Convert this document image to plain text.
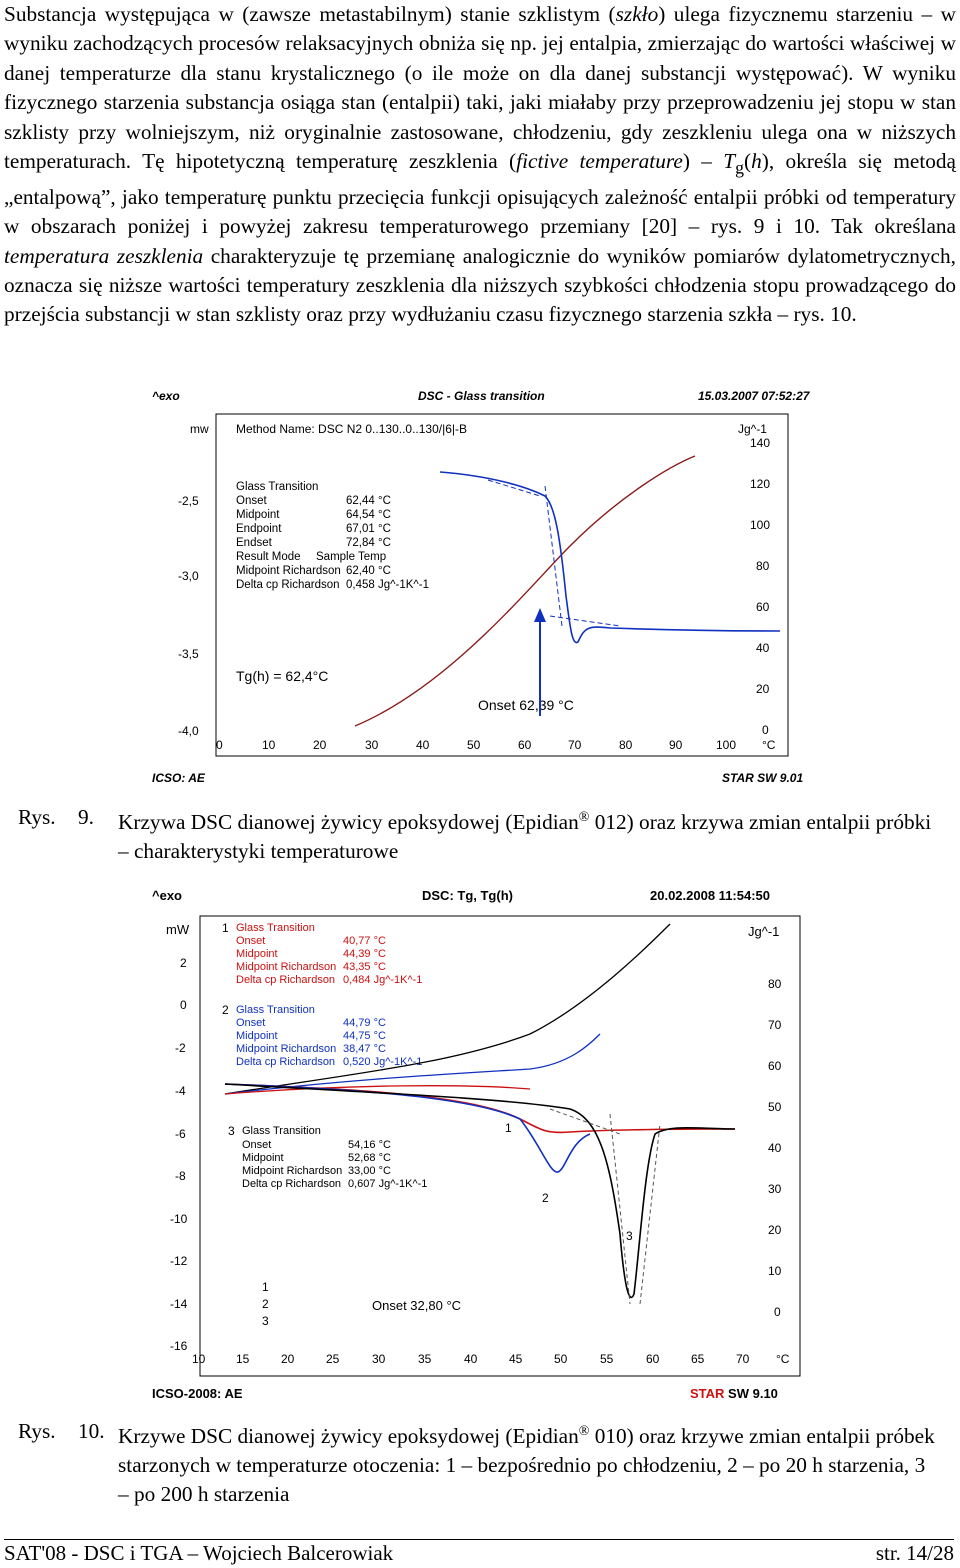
Substancja występująca w (zawsze metastabilnym) stanie szklistym (szkło) ulega fizycznemu starzeniu – w wyniku zachodzących procesów relaksacyjnych obniża się np. jej entalpia, zmierzając do wartości właściwej w danej temperaturze dla stanu krystalicznego (o ile może on dla danej substancji występować). W wyniku fizycznego starzenia substancja osiąga stan (entalpii) taki, jaki miałaby przy przeprowadzeniu jej stopu w stan szklisty przy wolniejszym, niż oryginalnie zastosowane, chłodzeniu, gdy zeszkleniu ulega ona w niższych temperaturach. Tę hipotetyczną temperaturę zeszklenia (fictive temperature) – $T_g(h)$, określa się metodą „entalpową”, jako temperaturę punktu przecięcia funkcji opisujących zależność entalpii próbki od temperatury w obszarach poniżej i powyżej zakresu temperaturowego przemiany [20] – rys. 9 i 10. Tak określana temperatura zeszklenia charakteryzuje tę przemianę analogicznie do wyników pomiarów dylatometrycznych, oznacza się niższe wartości temperatury zeszklenia dla niższych szybkości chłodzenia stopu prowadzącego do przejścia substancji w stan szklisty oraz przy wydłużaniu czasu fizycznego starzenia szkła – rys. 10.

^exo	DSC - Glass transition	15.03.2007 07:52:27
mw Method Name: DSC N2 0..130..0..130/|6|-B	Jg^-1
-2,5
-3,0
-3,5
-4,0
140
120
100
80
60
40
20
0
0	10	20	30	40	50	60	70	80	90	100 °C
Glass Transition
Onset	62,44 °C
Midpoint	64,54 °C
Endpoint	67,01 °C
Endset	72,84 °C
Result Mode Sample Temp
Midpoint Richardson 62,40 °C
Delta cp Richardson 0,458 Jg^-1K^-1
Tg(h) = 62,4°C
Onset 62,39 °C
ICSO: AE	STAR SW 9.01
Rys. 9. Krzywa DSC dianowej żywicy epoksydowej (Epidian® 012) oraz krzywa zmian entalpii próbki – charakterystyki temperaturowe
^exo	DSC: Tg, Tg(h)	20.02.2008 11:54:50
mW	Jg^-1
2
0
-2
-4
-6
-8
-10
-12
-14
-16
80
70
60
50
40
30
20
10
0
10	15	20	25	30	35	40	45	50	55	60	65	70 °C
1 Glass Transition
Onset	40,77 °C
Midpoint	44,39 °C
Midpoint Richardson 43,35 °C
Delta cp Richardson 0,484 Jg^-1K^-1
2 Glass Transition
Onset	44,79 °C
Midpoint	44,75 °C
Midpoint Richardson 38,47 °C
Delta cp Richardson 0,520 Jg^-1K^-1
3 Glass Transition
Onset	54,16 °C
Midpoint	52,68 °C
Midpoint Richardson 33,00 °C
Delta cp Richardson 0,607 Jg^-1K^-1
1
2
3
Onset 32,80 °C
1
2
3
ICSO-2008: AE	STAR SW 9.10
Rys. 10. Krzywe DSC dianowej żywicy epoksydowej (Epidian® 010) oraz krzywe zmian entalpii próbek starzonych w temperaturze otoczenia: 1 – bezpośrednio po chłodzeniu, 2 – po 20 h starzenia, 3 – po 200 h starzenia
SAT'08 - DSC i TGA – Wojciech Balcerowiak	str. 14/28
